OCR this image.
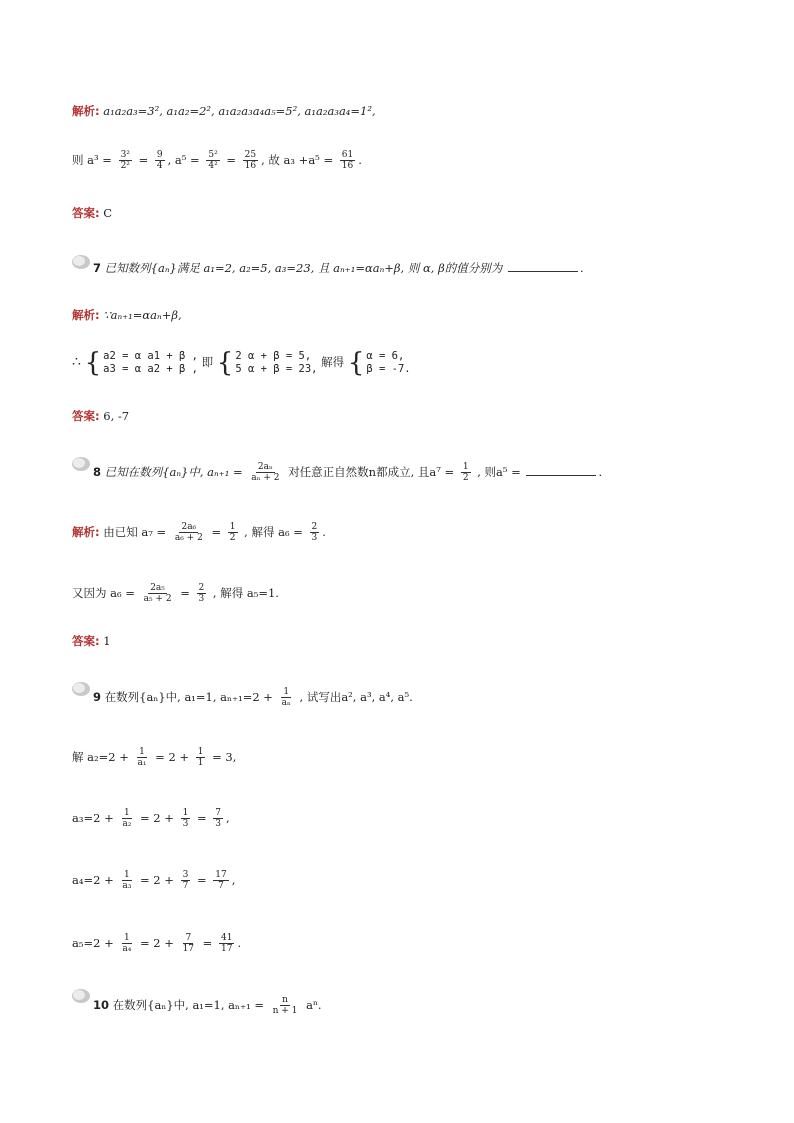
解析: a₁a₂a₃=3², a₁a₂=2², a₁a₂a₃a₄a₅=5², a₁a₂a₃a₄=1²,
则 $a^3 = \frac{\text{3²}}{\text{2²}} = \frac{9}{4}$ , $a^5 = \frac{\text{5²}}{\text{4²}} = \frac{25}{16}$ , 故 $a_3 +a^5 = \frac{61}{16}$ .
答案: C
7 已知数列{aₙ}满足 a₁=2, a₂=5, a₃=23, 且 aₙ₊₁=αaₙ+β, 则 α, β的值分别为	.
解析: ∵aₙ₊₁=αaₙ+β,
∴ { a2 = α a1 + β ,
a3 = α a2 + β , 即 { 2 α + β = 5,
5 α + β = 23, 解得 { α = 6,
β = -7.
答案: 6, -7
8 已知在数列{aₙ}中, $a_{n+1} = \frac{\text{2aₙ}}{\text{aₙ + 2}}$ 对任意正自然数n都成立, 且$a^7 = \frac{1}{2}$ , 则a⁵ =	.
解析: 由已知 $a_7 = \frac{\text{2a₆}}{\text{a₆ + 2}} = \frac{1}{2}$ , 解得 $a_6 = \frac{2}{3}$ .
又因为 $a_6 = \frac{\text{2a₅}}{\text{a₅ + 2}} = \frac{2}{3}$ , 解得 a₅=1.
答案: 1
9 在数列{aₙ}中, a₁=1, $a_{n+1}=2 + \frac{1}{\text{aₙ}}$ , 试写出a², a³, a⁴, a⁵.
解 $a_2=2 + \frac{1}{\text{a₁}} = 2 + \frac{1}{1} = 3$,
$a_3=2 + \frac{1}{\text{a₂}} = 2 + \frac{1}{3} = \frac{7}{3}$ ,
$a_4=2 + \frac{1}{\text{a₃}} = 2 + \frac{3}{7} = \frac{17}{7}$ ,
$a_5=2 + \frac{1}{\text{a₄}} = 2 + \frac{7}{17} = \frac{41}{17}$ .
10 在数列{aₙ}中, a₁=1, $a_{n+1} = \frac{n}{n + 1} a^n$.
